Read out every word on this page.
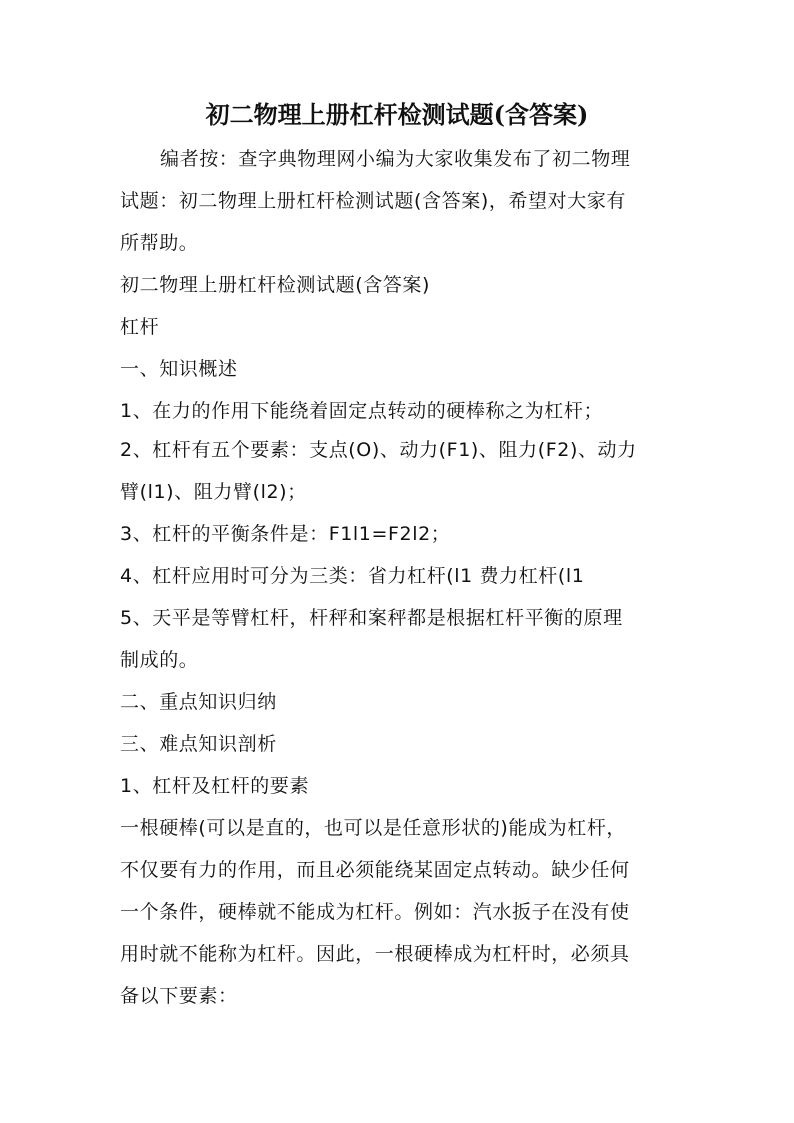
初二物理上册杠杆检测试题(含答案)
编者按：查字典物理网小编为大家收集发布了初二物理
试题：初二物理上册杠杆检测试题(含答案)，希望对大家有
所帮助。
初二物理上册杠杆检测试题(含答案)
杠杆
一、知识概述
1、在力的作用下能绕着固定点转动的硬棒称之为杠杆；
2、杠杆有五个要素：支点(O)、动力(F1)、阻力(F2)、动力
臂(l1)、阻力臂(l2)；
3、杠杆的平衡条件是：F1l1=F2l2；
4、杠杆应用时可分为三类：省力杠杆(l1 费力杠杆(l1
5、天平是等臂杠杆，杆秤和案秤都是根据杠杆平衡的原理
制成的。
二、重点知识归纳
三、难点知识剖析
1、杠杆及杠杆的要素
一根硬棒(可以是直的，也可以是任意形状的)能成为杠杆，
不仅要有力的作用，而且必须能绕某固定点转动。缺少任何
一个条件，硬棒就不能成为杠杆。例如：汽水扳子在没有使
用时就不能称为杠杆。因此，一根硬棒成为杠杆时，必须具
备以下要素：
